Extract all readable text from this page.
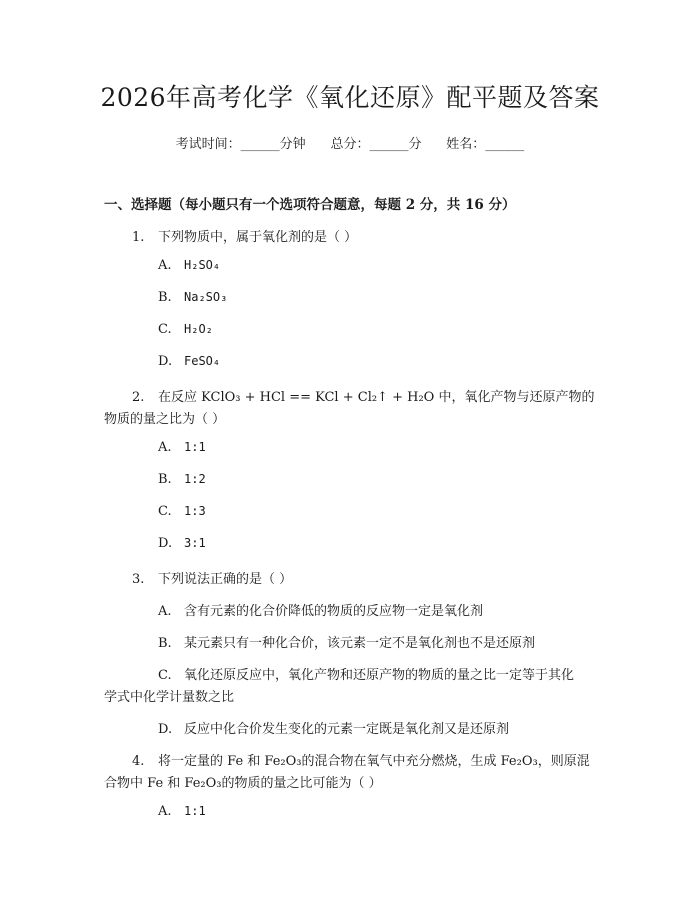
2026年高考化学《氧化还原》配平题及答案
考试时间：______分钟 总分：______分 姓名：______
一、选择题（每小题只有一个选项符合题意，每题 2 分，共 16 分）
1. 下列物质中，属于氧化剂的是（ ）
A. H₂SO₄
B. Na₂SO₃
C. H₂O₂
D. FeSO₄
2. 在反应 KClO₃ + HCl == KCl + Cl₂↑ + H₂O 中，氧化产物与还原产物的
物质的量之比为（ ）
A. 1:1
B. 1:2
C. 1:3
D. 3:1
3. 下列说法正确的是（ ）
A. 含有元素的化合价降低的物质的反应物一定是氧化剂
B. 某元素只有一种化合价，该元素一定不是氧化剂也不是还原剂
C. 氧化还原反应中，氧化产物和还原产物的物质的量之比一定等于其化
学式中化学计量数之比
D. 反应中化合价发生变化的元素一定既是氧化剂又是还原剂
4. 将一定量的 Fe 和 Fe₂O₃的混合物在氧气中充分燃烧，生成 Fe₂O₃，则原混
合物中 Fe 和 Fe₂O₃的物质的量之比可能为（ ）
A. 1:1
